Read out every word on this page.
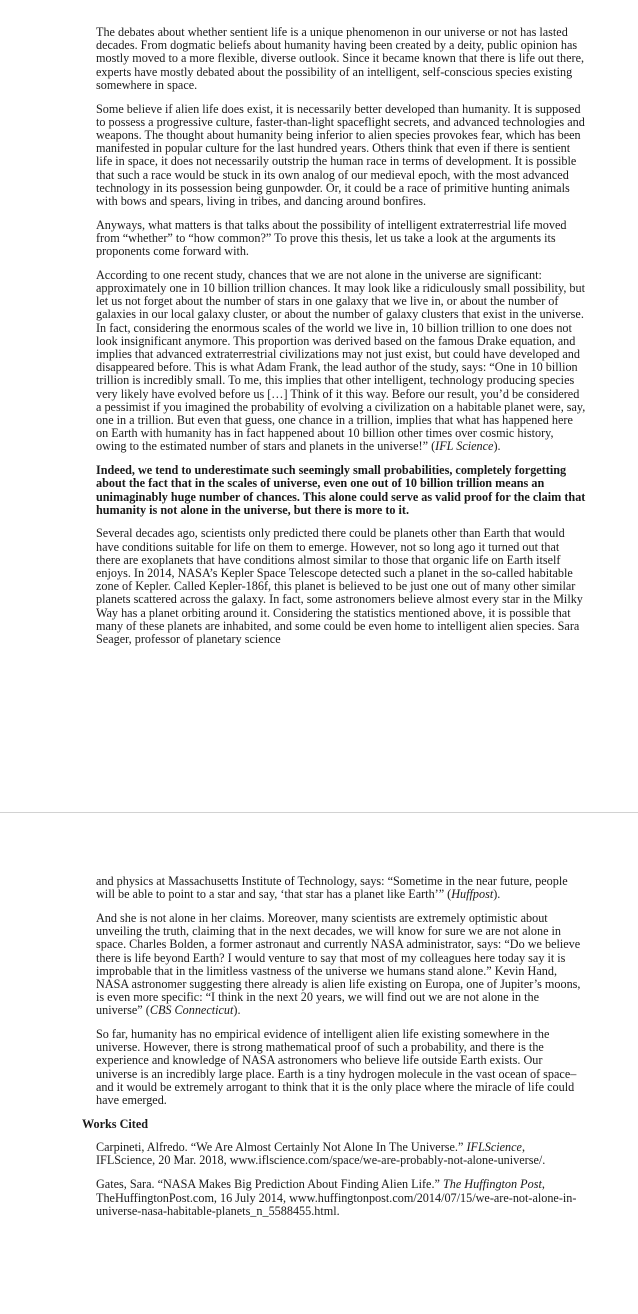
The debates about whether sentient life is a unique phenomenon in our universe or not has lasted decades. From dogmatic beliefs about humanity having been created by a deity, public opinion has mostly moved to a more flexible, diverse outlook. Since it became known that there is life out there, experts have mostly debated about the possibility of an intelligent, self-conscious species existing somewhere in space.

Some believe if alien life does exist, it is necessarily better developed than humanity. It is supposed to possess a progressive culture, faster-than-light spaceflight secrets, and advanced technologies and weapons. The thought about humanity being inferior to alien species provokes fear, which has been manifested in popular culture for the last hundred years. Others think that even if there is sentient life in space, it does not necessarily outstrip the human race in terms of development. It is possible that such a race would be stuck in its own analog of our medieval epoch, with the most advanced technology in its possession being gunpowder. Or, it could be a race of primitive hunting animals with bows and spears, living in tribes, and dancing around bonfires.

Anyways, what matters is that talks about the possibility of intelligent extraterrestrial life moved from “whether” to “how common?” To prove this thesis, let us take a look at the arguments its proponents come forward with.

According to one recent study, chances that we are not alone in the universe are significant: approximately one in 10 billion trillion chances. It may look like a ridiculously small possibility, but let us not forget about the number of stars in one galaxy that we live in, or about the number of galaxies in our local galaxy cluster, or about the number of galaxy clusters that exist in the universe. In fact, considering the enormous scales of the world we live in, 10 billion trillion to one does not look insignificant anymore. This proportion was derived based on the famous Drake equation, and implies that advanced extraterrestrial civilizations may not just exist, but could have developed and disappeared before. This is what Adam Frank, the lead author of the study, says: “One in 10 billion trillion is incredibly small. To me, this implies that other intelligent, technology producing species very likely have evolved before us […] Think of it this way. Before our result, you’d be considered a pessimist if you imagined the probability of evolving a civilization on a habitable planet were, say, one in a trillion. But even that guess, one chance in a trillion, implies that what has happened here on Earth with humanity has in fact happened about 10 billion other times over cosmic history, owing to the estimated number of stars and planets in the universe!” (IFL Science).

Indeed, we tend to underestimate such seemingly small probabilities, completely forgetting about the fact that in the scales of universe, even one out of 10 billion trillion means an unimaginably huge number of chances. This alone could serve as valid proof for the claim that humanity is not alone in the universe, but there is more to it.

Several decades ago, scientists only predicted there could be planets other than Earth that would have conditions suitable for life on them to emerge. However, not so long ago it turned out that there are exoplanets that have conditions almost similar to those that organic life on Earth itself enjoys. In 2014, NASA’s Kepler Space Telescope detected such a planet in the so-called habitable zone of Kepler. Called Kepler-186f, this planet is believed to be just one out of many other similar planets scattered across the galaxy. In fact, some astronomers believe almost every star in the Milky Way has a planet orbiting around it. Considering the statistics mentioned above, it is possible that many of these planets are inhabited, and some could be even home to intelligent alien species. Sara Seager, professor of planetary science

and physics at Massachusetts Institute of Technology, says: “Sometime in the near future, people will be able to point to a star and say, ‘that star has a planet like Earth’” (Huffpost).

And she is not alone in her claims. Moreover, many scientists are extremely optimistic about unveiling the truth, claiming that in the next decades, we will know for sure we are not alone in space. Charles Bolden, a former astronaut and currently NASA administrator, says: “Do we believe there is life beyond Earth? I would venture to say that most of my colleagues here today say it is improbable that in the limitless vastness of the universe we humans stand alone.” Kevin Hand, NASA astronomer suggesting there already is alien life existing on Europa, one of Jupiter’s moons, is even more specific: “I think in the next 20 years, we will find out we are not alone in the universe” (CBS Connecticut).

So far, humanity has no empirical evidence of intelligent alien life existing somewhere in the universe. However, there is strong mathematical proof of such a probability, and there is the experience and knowledge of NASA astronomers who believe life outside Earth exists. Our universe is an incredibly large place. Earth is a tiny hydrogen molecule in the vast ocean of space–and it would be extremely arrogant to think that it is the only place where the miracle of life could have emerged.

Works Cited

Carpineti, Alfredo. “We Are Almost Certainly Not Alone In The Universe.” IFLScience, IFLScience, 20 Mar. 2018, www.iflscience.com/space/we-are-probably-not-alone-universe/.

Gates, Sara. “NASA Makes Big Prediction About Finding Alien Life.” The Huffington Post, TheHuffingtonPost.com, 16 July 2014, www.huffingtonpost.com/2014/07/15/we-are-not-alone-in-universe-nasa-habitable-planets_n_5588455.html.
